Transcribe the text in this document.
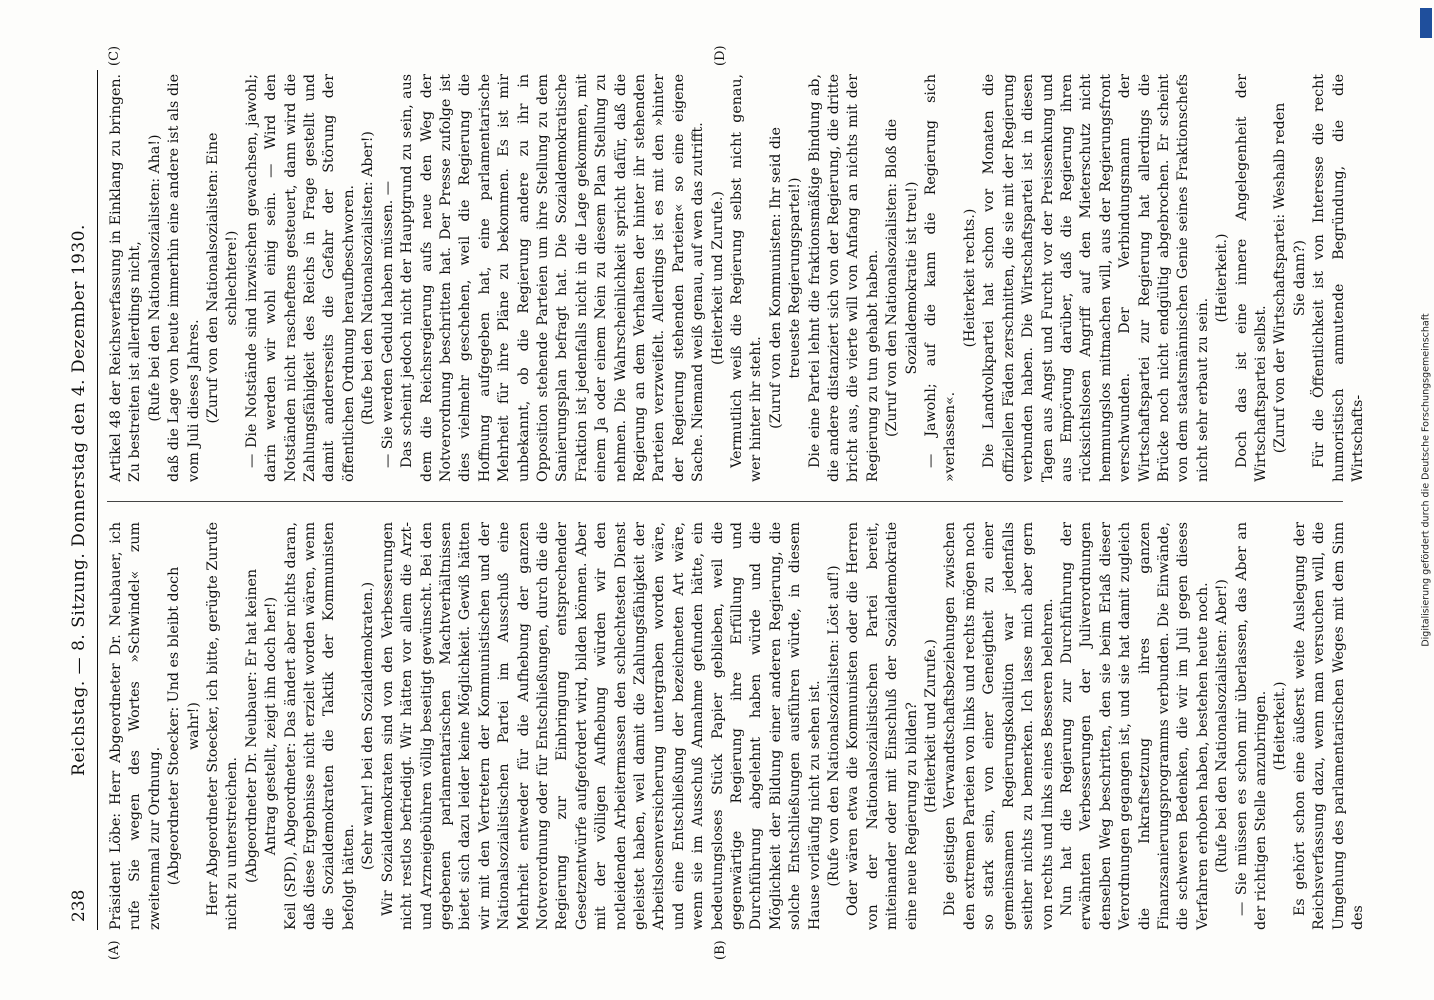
238
Reichstag. — 8. Sitzung. Donnerstag den 4. Dezember 1930.
(A)	(B)
(C)	(D)

Präsident Löbe: Herr Abgeordneter Dr. Neubauer, ich rufe Sie wegen des Wortes »Schwindel« zum zweitenmal zur Ordnung. (Abgeordneter Stoecker: Und es bleibt doch wahr!) Herr Abgeordneter Stoecker, ich bitte, gerügte Zurufe nicht zu unterstreichen. (Abgeordneter Dr. Neubauer: Er hat keinen Antrag gestellt, zeigt ihn doch her!) Keil (SPD), Abgeordneter: Das ändert aber nichts daran, daß diese Ergebnisse nicht erzielt worden wären, wenn die Sozialdemokraten die Taktik der Kommunisten befolgt hätten.

(Sehr wahr! bei den Sozialdemokraten.) Wir Sozialdemokraten sind von den Verbesserungen nicht restlos befriedigt. Wir hätten vor allem die Arzt- und Arzneigebühren völlig beseitigt gewünscht. Bei den gegebenen parlamentarischen Machtverhältnissen bietet sich dazu leider keine Möglichkeit. Gewiß hätten wir mit den Vertretern der Kommunistischen und der Nationalsozialistischen Partei im Ausschuß eine Mehrheit entweder für die Aufhebung der ganzen Notverordnung oder für Entschließungen, durch die die Regierung zur Einbringung entsprechender Gesetzentwürfe aufgefordert wird, bilden können. Aber mit der völligen Aufhebung würden wir den notleidenden Arbeitermassen den schlechtesten Dienst geleistet haben, weil damit die Zahlungsfähigkeit der Arbeitslosenversicherung untergraben worden wäre, und eine Entschließung der bezeichneten Art wäre, wenn sie im Ausschuß Annahme gefunden hätte, ein bedeutungsloses Stück Papier geblieben, weil die gegenwärtige Regierung ihre Erfüllung und Durchführung abgelehnt haben würde und die Möglichkeit der Bildung einer anderen Regierung, die solche Entschließungen ausführen würde, in diesem Hause vorläufig nicht zu sehen ist. (Rufe von den Nationalsozialisten: Löst auf!) Oder wären etwa die Kommunisten oder die Herren von der Nationalsozialistischen Partei bereit, miteinander oder mit Einschluß der Sozialdemokratie eine neue Regierung zu bilden? (Heiterkeit und Zurufe.) Die geistigen Verwandtschaftsbeziehungen zwischen den extremen Parteien von links und rechts mögen noch so stark sein, von einer Geneigtheit zu einer gemeinsamen Regierungskoalition war jedenfalls seither nichts zu bemerken. Ich lasse mich aber gern von rechts und links eines Besseren belehren. Nun hat die Regierung zur Durchführung der erwähnten Verbesserungen der Juliverordnungen denselben Weg beschritten, den sie beim Erlaß dieser Verordnungen gegangen ist, und sie hat damit zugleich die Inkraftsetzung ihres ganzen Finanzsanierungsprogramms verbunden. Die Einwände, die schweren Bedenken, die wir im Juli gegen dieses Verfahren erhoben haben, bestehen heute noch. (Rufe bei den Nationalsozialisten: Aber!) — Sie müssen es schon mir überlassen, das Aber an der richtigen Stelle anzubringen. (Heiterkeit.) Es gehört schon eine äußerst weite Auslegung der Reichsverfassung dazu, wenn man versuchen will, die Umgehung des parlamentarischen Weges mit dem Sinn des

Artikel 48 der Reichsverfassung in Einklang zu bringen. Zu bestreiten ist allerdings nicht, (Rufe bei den Nationalsozialisten: Aha!) daß die Lage von heute immerhin eine andere ist als die vom Juli dieses Jahres. (Zuruf von den Nationalsozialisten: Eine schlechtere!) — Die Notstände sind inzwischen gewachsen, jawohl; darin werden wir wohl einig sein. — Wird den Notständen nicht rascheftens gesteuert, dann wird die Zahlungsfähigkeit des Reichs in Frage gestellt und damit andererseits die Gefahr der Störung der öffentlichen Ordnung heraufbeschworen. (Rufe bei den Nationalsozialisten: Aber!) — Sie werden Geduld haben müssen. — Das scheint jedoch nicht der Hauptgrund zu sein, aus dem die Reichsregierung aufs neue den Weg der Notverordnung beschritten hat. Der Presse zufolge ist dies vielmehr geschehen, weil die Regierung die Hoffnung aufgegeben hat, eine parlamentarische Mehrheit für ihre Pläne zu bekommen. Es ist mir unbekannt, ob die Regierung andere zu ihr in Opposition stehende Parteien um ihre Stellung zu dem Sanierungsplan befragt hat. Die Sozialdemokratische Fraktion ist jedenfalls nicht in die Lage gekommen, mit einem Ja oder einem Nein zu diesem Plan Stellung zu nehmen. Die Wahrscheinlichkeit spricht dafür, daß die Regierung an dem Verhalten der hinter ihr stehenden Parteien verzweifelt. Allerdings ist es mit den »hinter der Regierung stehenden Parteien« so eine eigene Sache. Niemand weiß genau, auf wen das zutrifft. (Heiterkeit und Zurufe.) Vermutlich weiß die Regierung selbst nicht genau, wer hinter ihr steht. (Zuruf von den Kommunisten: Ihr seid die treueste Regierungspartei!) Die eine Partei lehnt die fraktionsmäßige Bindung ab, die andere distanziert sich von der Regierung, die dritte bricht aus, die vierte will von Anfang an nichts mit der Regierung zu tun gehabt haben. (Zuruf von den Nationalsozialisten: Bloß die Sozialdemokratie ist treu!) — Jawohl; auf die kann die Regierung sich »verlassen«.

(Heiterkeit rechts.) Die Landvolkpartei hat schon vor Monaten die offiziellen Fäden zerschnitten, die sie mit der Regierung verbunden haben. Die Wirtschaftspartei ist in diesen Tagen aus Angst und Furcht vor der Preissenkung und aus Empörung darüber, daß die Regierung ihren rücksichtslosen Angriff auf den Mieterschutz nicht hemmungslos mitmachen will, aus der Regierungsfront verschwunden. Der Verbindungsmann der Wirtschaftspartei zur Regierung hat allerdings die Brücke noch nicht endgültig abgebrochen. Er scheint von dem staatsmännischen Genie seines Fraktionschefs nicht sehr erbaut zu sein.

(Heiterkeit.) Doch das ist eine innere Angelegenheit der Wirtschaftspartei selbst. (Zuruf von der Wirtschaftspartei: Weshalb reden Sie dann?) Für die Öffentlichkeit ist von Interesse die recht humoristisch anmutende Begründung, die die Wirtschafts-	Digitalisierung gefördert durch die Deutsche Forschungsgemeinschaft
